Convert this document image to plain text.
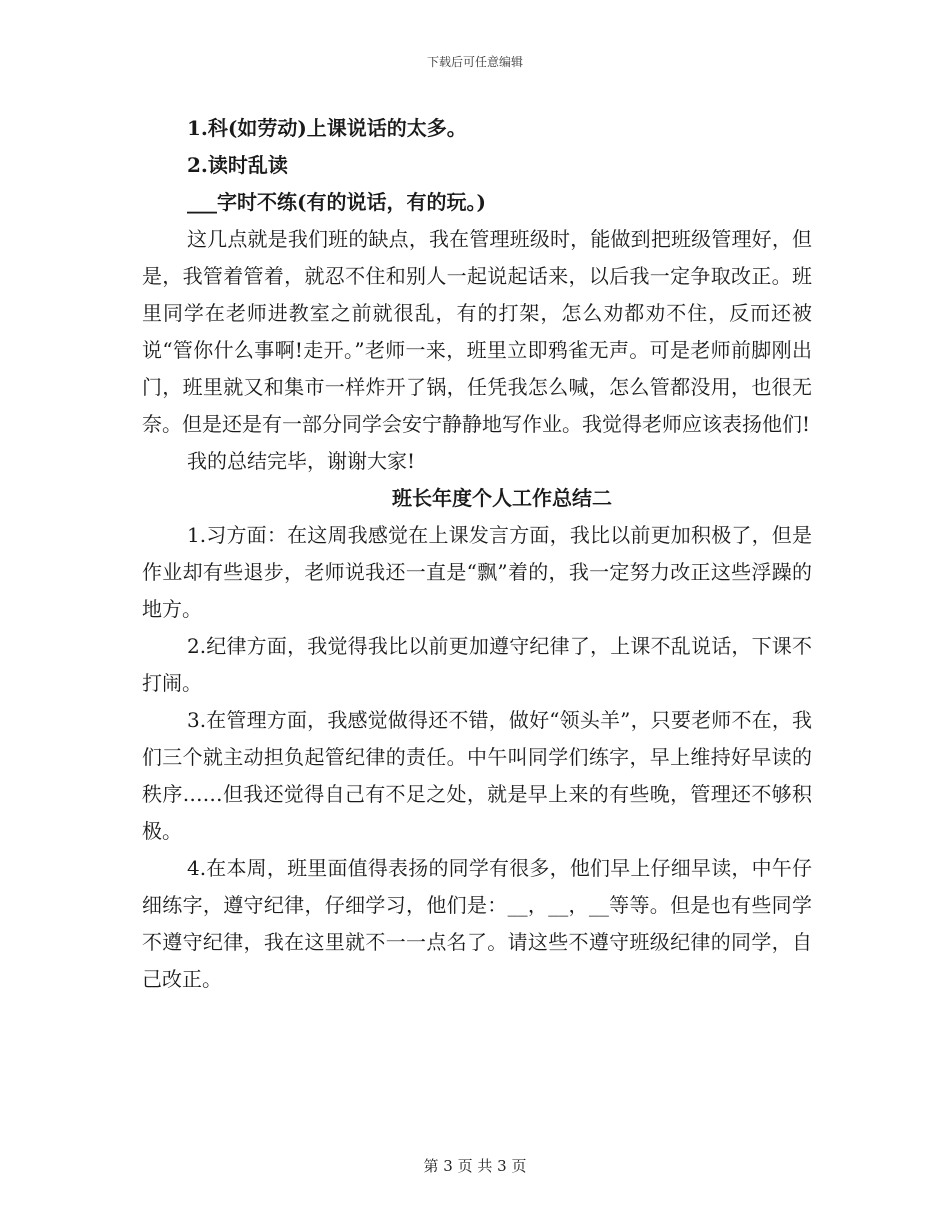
下载后可任意编辑
1.科(如劳动)上课说话的太多。
2.读时乱读
___字时不练(有的说话，有的玩。)

这几点就是我们班的缺点，我在管理班级时，能做到把班级管理好，但是，我管着管着，就忍不住和别人一起说起话来，以后我一定争取改正。班里同学在老师进教室之前就很乱，有的打架，怎么劝都劝不住，反而还被说“管你什么事啊!走开。”老师一来，班里立即鸦雀无声。可是老师前脚刚出门，班里就又和集市一样炸开了锅，任凭我怎么喊，怎么管都没用，也很无奈。但是还是有一部分同学会安宁静静地写作业。我觉得老师应该表扬他们!

我的总结完毕，谢谢大家!

班长年度个人工作总结二

1.习方面：在这周我感觉在上课发言方面，我比以前更加积极了，但是作业却有些退步，老师说我还一直是“飘”着的，我一定努力改正这些浮躁的地方。

2.纪律方面，我觉得我比以前更加遵守纪律了，上课不乱说话，下课不打闹。

3.在管理方面，我感觉做得还不错，做好“领头羊”，只要老师不在，我们三个就主动担负起管纪律的责任。中午叫同学们练字，早上维持好早读的秩序……但我还觉得自己有不足之处，就是早上来的有些晚，管理还不够积极。

4.在本周，班里面值得表扬的同学有很多，他们早上仔细早读，中午仔细练字，遵守纪律，仔细学习，他们是：__，__，__等等。但是也有些同学不遵守纪律，我在这里就不一一点名了。请这些不遵守班级纪律的同学，自己改正。

第 3 页 共 3 页
